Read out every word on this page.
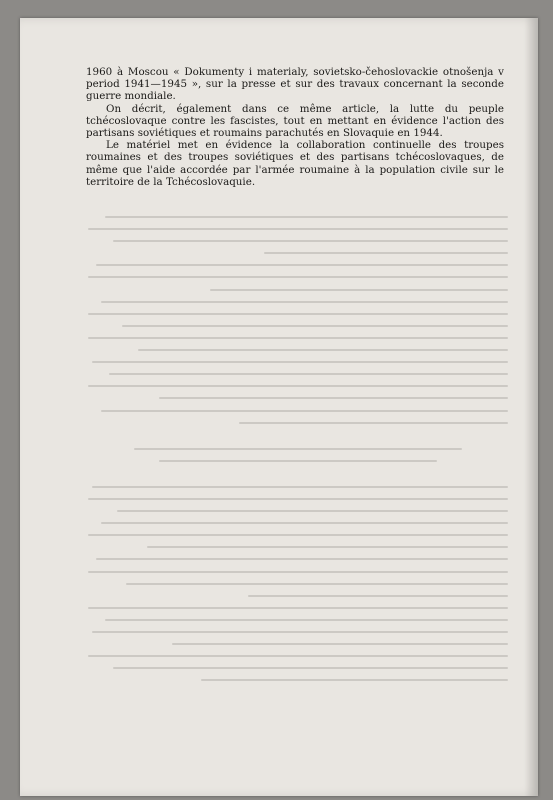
1960 à Moscou « Dokumenty i materialy, sovietsko-čehoslovackie otnošenja v period 1941—1945 », sur la presse et sur des travaux concernant la seconde guerre mondiale.

On décrit, également dans ce même article, la lutte du peuple tchécoslovaque contre les fascistes, tout en mettant en évidence l'action des partisans soviétiques et roumains parachutés en Slovaquie en 1944.

Le matériel met en évidence la collaboration continuelle des troupes roumaines et des troupes soviétiques et des partisans tchécoslovaques, de même que l'aide accordée par l'armée roumaine à la population civile sur le territoire de la Tchécoslovaquie.
